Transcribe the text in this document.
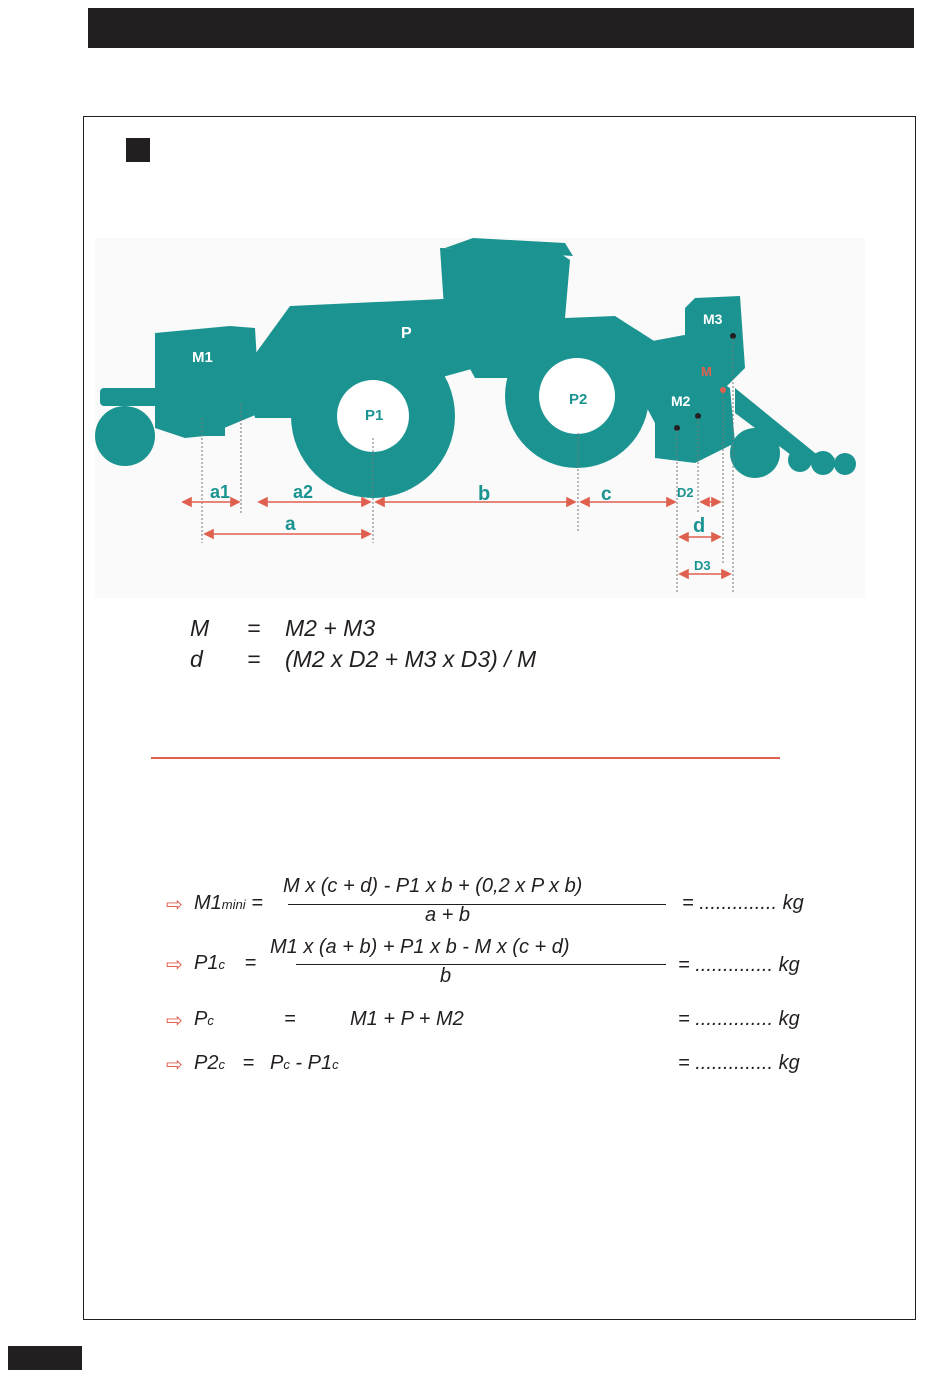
M1
P
P1
P2	M2
M3
M
a1	a2	b	c	D2
d
D3
a
M = M2 + M3
d = (M2 x D2 + M3 x D3) / M
⇨ M1mini =
M x (c + d) - P1 x b + (0,2 x P x b)
a + b
= .............. kg
⇨ P1c =
M1 x (a + b) + P1 x b - M x (c + d)
b	= .............. kg
⇨ Pc	=	M1 + P + M2	= .............. kg
⇨ P2c = Pc - P1c	= .............. kg
